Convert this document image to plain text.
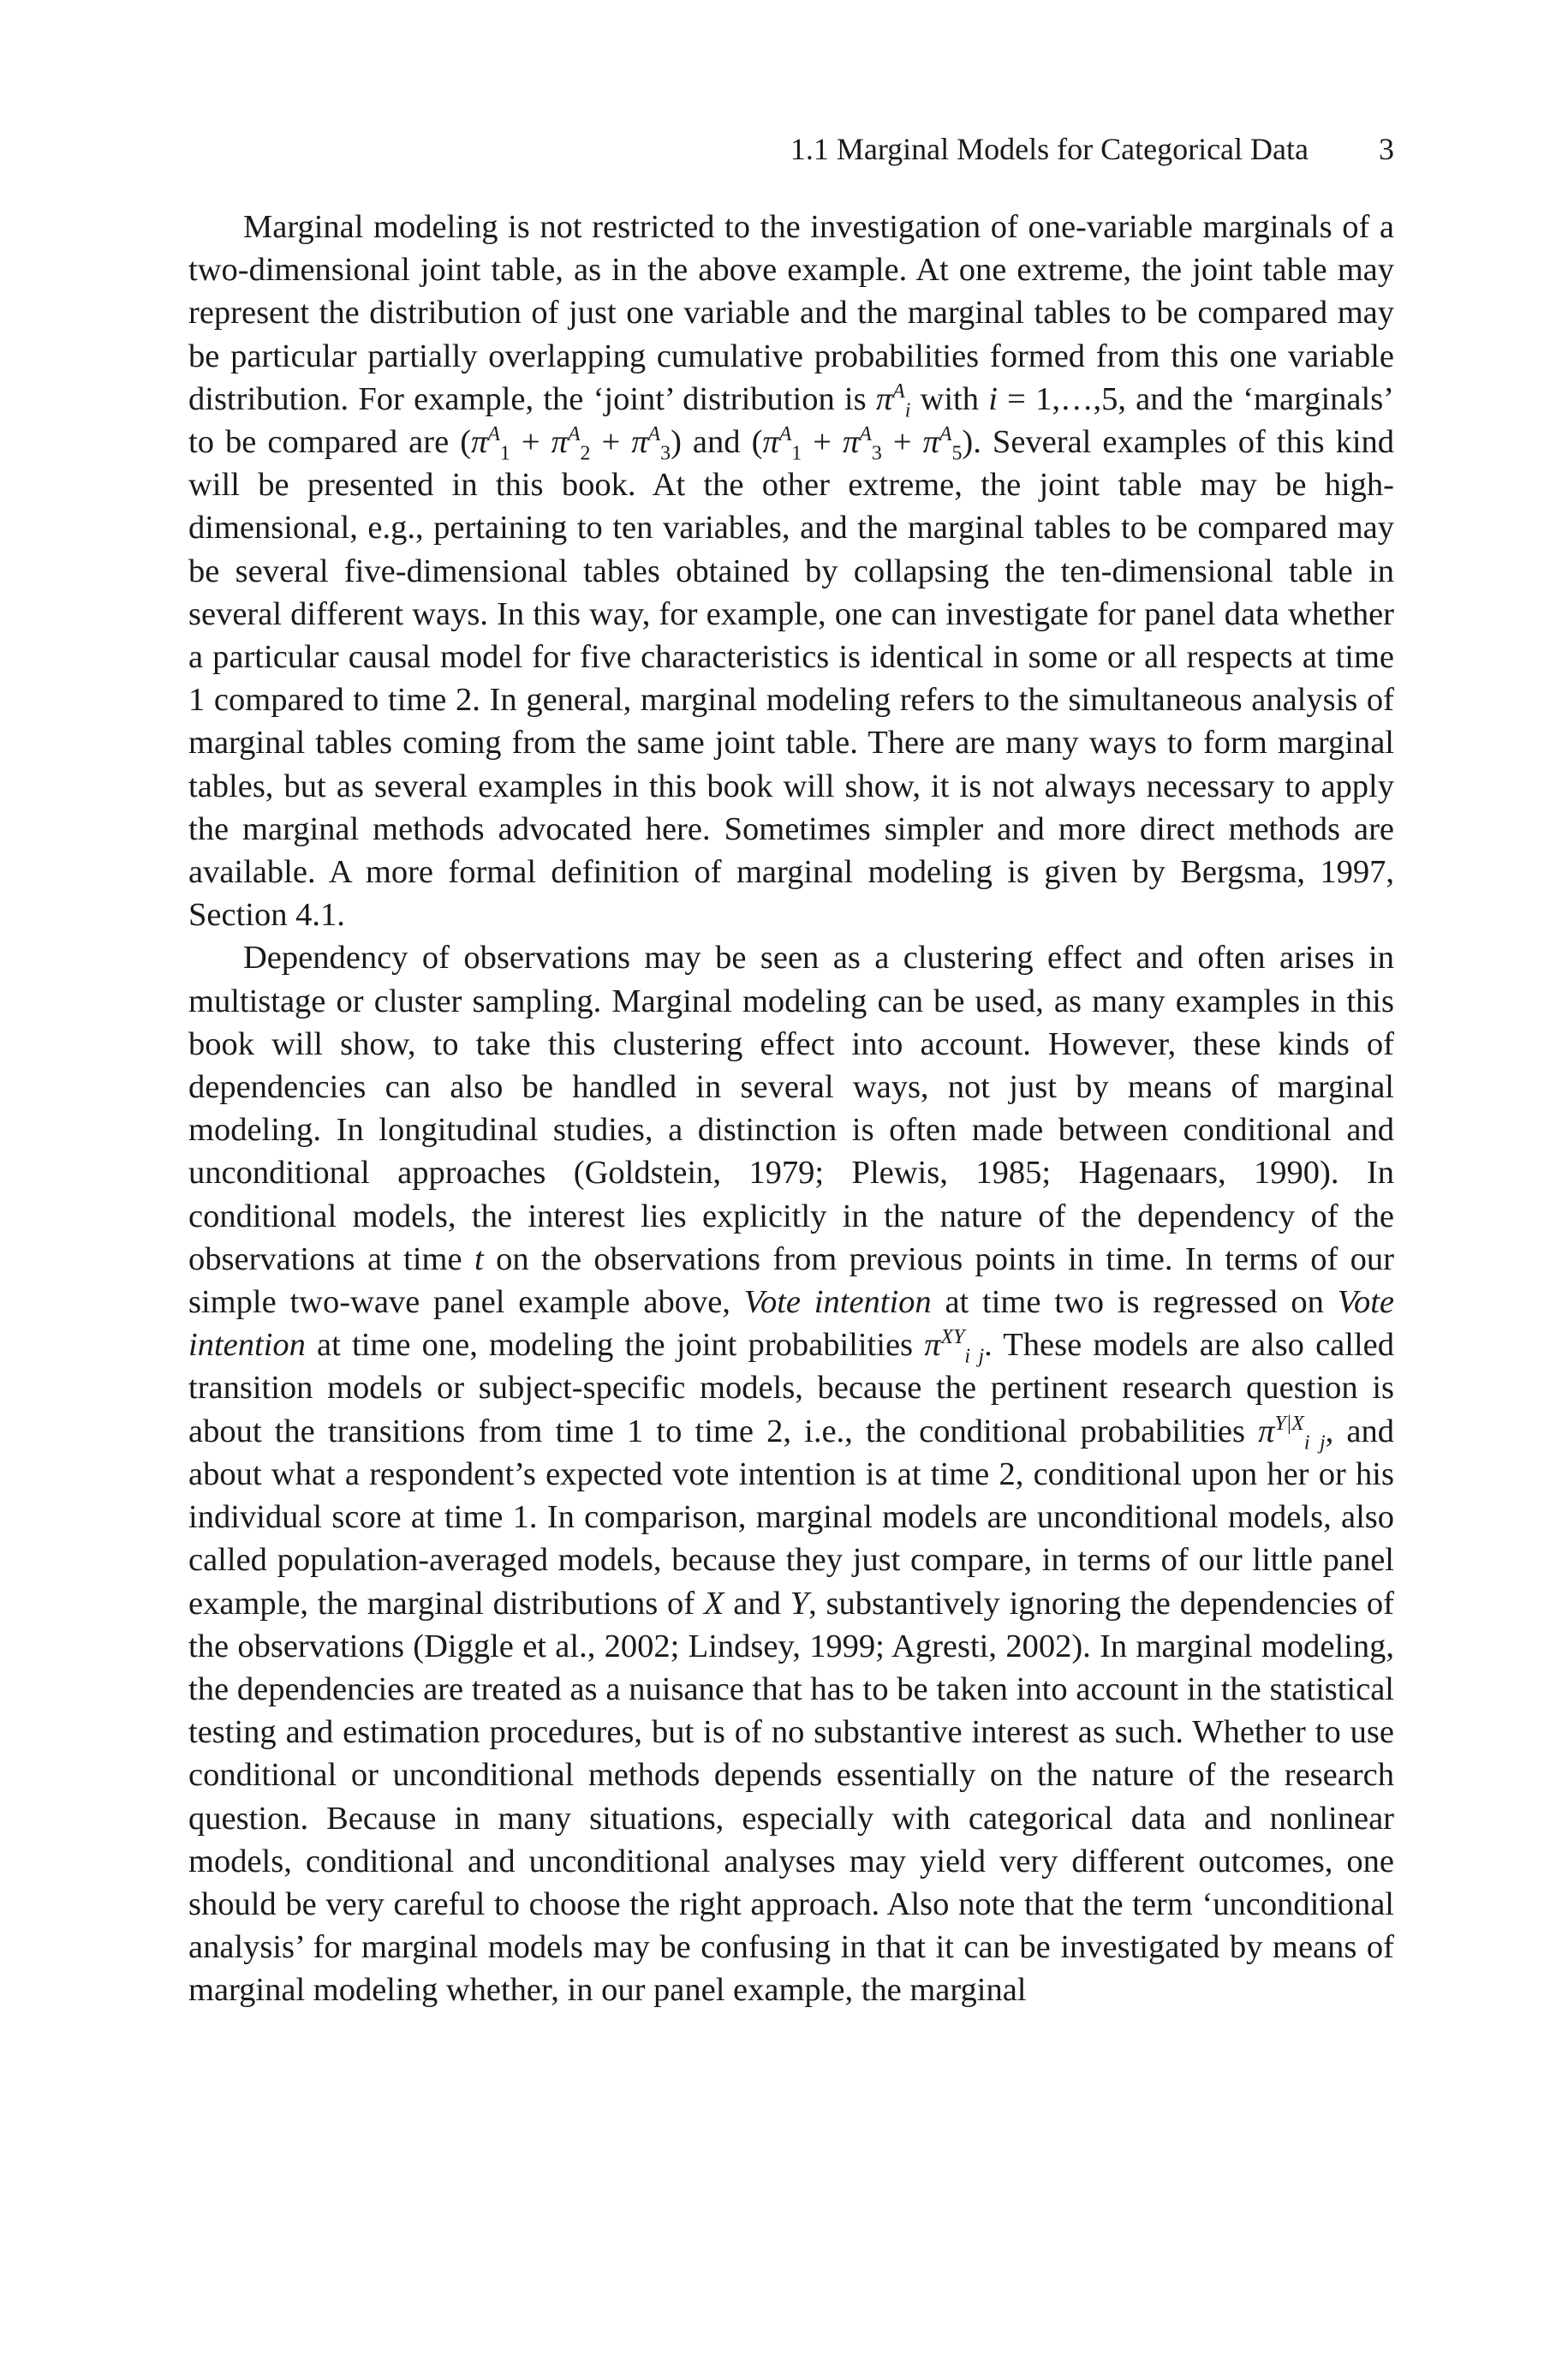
1.1 Marginal Models for Categorical Data 3

Marginal modeling is not restricted to the investigation of one-variable marginals of a two-dimensional joint table, as in the above example. At one extreme, the joint table may represent the distribution of just one variable and the marginal tables to be compared may be particular partially overlapping cumulative probabilities formed from this one variable distribution. For example, the ‘joint’ distribution is $\pi^A_i$ with i = 1,…,5, and the ‘marginals’ to be compared are $(\pi^A_1 + \pi^A_2 + \pi^A_3)$ and $(\pi^A_1 + \pi^A_3 + \pi^A_5)$. Several examples of this kind will be presented in this book. At the other extreme, the joint table may be high-dimensional, e.g., pertaining to ten variables, and the marginal tables to be compared may be several five-dimensional tables obtained by collapsing the ten-dimensional table in several different ways. In this way, for example, one can investigate for panel data whether a particular causal model for five characteristics is identical in some or all respects at time 1 compared to time 2. In general, marginal modeling refers to the simultaneous analysis of marginal tables coming from the same joint table. There are many ways to form marginal tables, but as several examples in this book will show, it is not always necessary to apply the marginal methods advocated here. Sometimes simpler and more direct methods are available. A more formal definition of marginal modeling is given by Bergsma, 1997, Section 4.1.

Dependency of observations may be seen as a clustering effect and often arises in multistage or cluster sampling. Marginal modeling can be used, as many examples in this book will show, to take this clustering effect into account. However, these kinds of dependencies can also be handled in several ways, not just by means of marginal modeling. In longitudinal studies, a distinction is often made between conditional and unconditional approaches (Goldstein, 1979; Plewis, 1985; Hagenaars, 1990). In conditional models, the interest lies explicitly in the nature of the dependency of the observations at time t on the observations from previous points in time. In terms of our simple two-wave panel example above, Vote intention at time two is regressed on Vote intention at time one, modeling the joint probabilities $\pi^{XY}_{i j}$. These models are also called transition models or subject-specific models, because the pertinent research question is about the transitions from time 1 to time 2, i.e., the conditional probabilities $\pi^{Y|X}_{i j}$, and about what a respondent’s expected vote intention is at time 2, conditional upon her or his individual score at time 1. In comparison, marginal models are unconditional models, also called population-averaged models, because they just compare, in terms of our little panel example, the marginal distributions of X and Y, substantively ignoring the dependencies of the observations (Diggle et al., 2002; Lindsey, 1999; Agresti, 2002). In marginal modeling, the dependencies are treated as a nuisance that has to be taken into account in the statistical testing and estimation procedures, but is of no substantive interest as such. Whether to use conditional or unconditional methods depends essentially on the nature of the research question. Because in many situations, especially with categorical data and nonlinear models, conditional and unconditional analyses may yield very different outcomes, one should be very careful to choose the right approach. Also note that the term ‘unconditional analysis’ for marginal models may be confusing in that it can be investigated by means of marginal modeling whether, in our panel example, the marginal
